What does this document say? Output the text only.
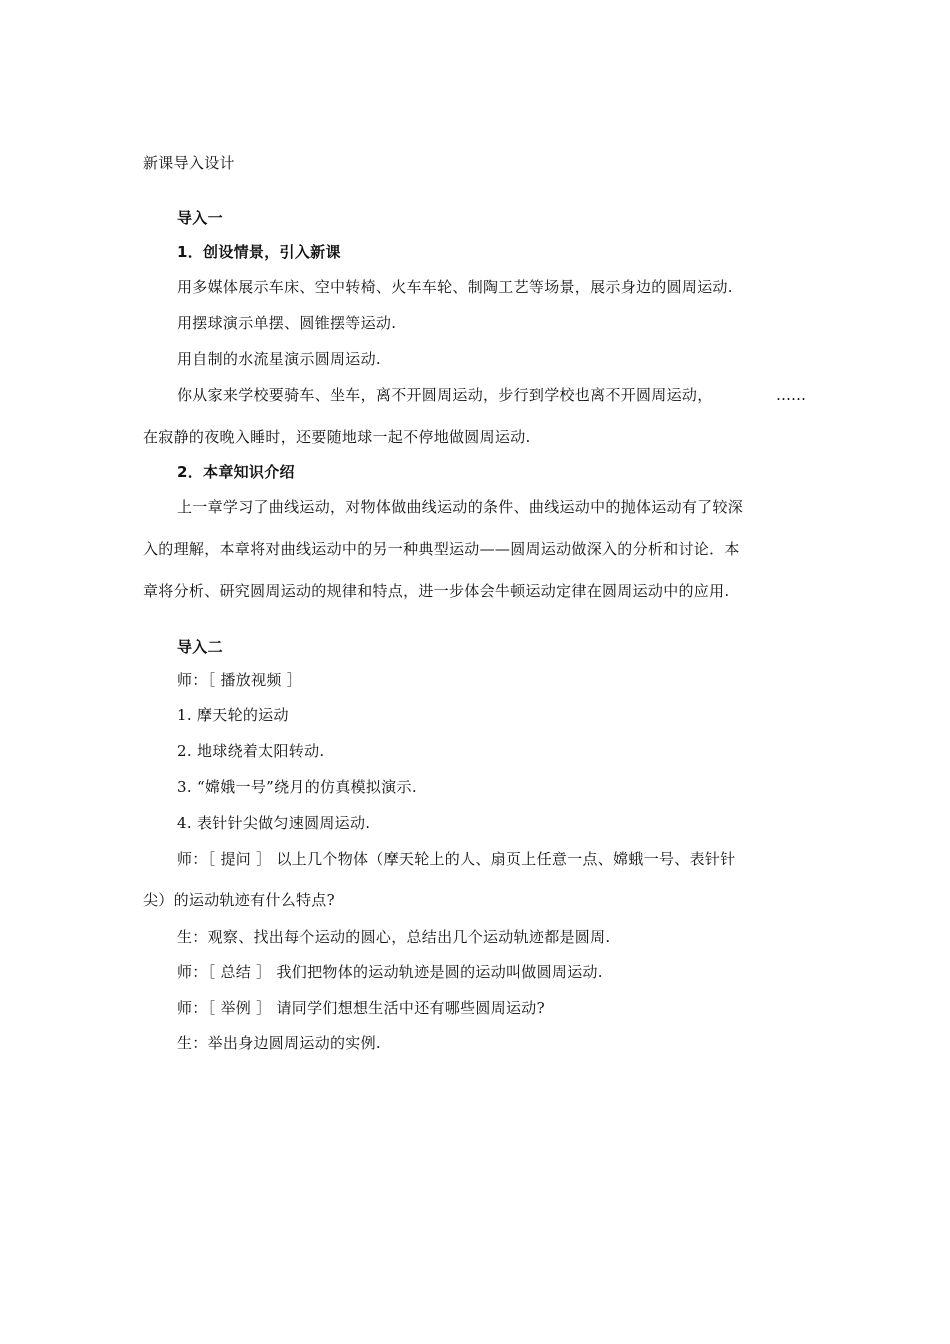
新课导入设计
导入一
1．创设情景，引入新课
用多媒体展示车床、空中转椅、火车车轮、制陶工艺等场景，展示身边的圆周运动.
用摆球演示单摆、圆锥摆等运动.
用自制的水流星演示圆周运动.
你从家来学校要骑车、坐车，离不开圆周运动，步行到学校也离不开圆周运动，	……
在寂静的夜晚入睡时，还要随地球一起不停地做圆周运动.
2．本章知识介绍
上一章学习了曲线运动，对物体做曲线运动的条件、曲线运动中的抛体运动有了较深
入的理解，本章将对曲线运动中的另一种典型运动——圆周运动做深入的分析和讨论．本
章将分析、研究圆周运动的规律和特点，进一步体会牛顿运动定律在圆周运动中的应用.
导入二
师：［ 播放视频 ］
1. 摩天轮的运动
2. 地球绕着太阳转动.
3. “嫦娥一号”绕月的仿真模拟演示.
4. 表针针尖做匀速圆周运动.
师：［ 提问 ］ 以上几个物体（摩天轮上的人、扇页上任意一点、嫦蛾一号、表针针
尖）的运动轨迹有什么特点?
生：观察、找出每个运动的圆心，总结出几个运动轨迹都是圆周.
师：［ 总结 ］ 我们把物体的运动轨迹是圆的运动叫做圆周运动.
师：［ 举例 ］ 请同学们想想生活中还有哪些圆周运动?
生：举出身边圆周运动的实例.
